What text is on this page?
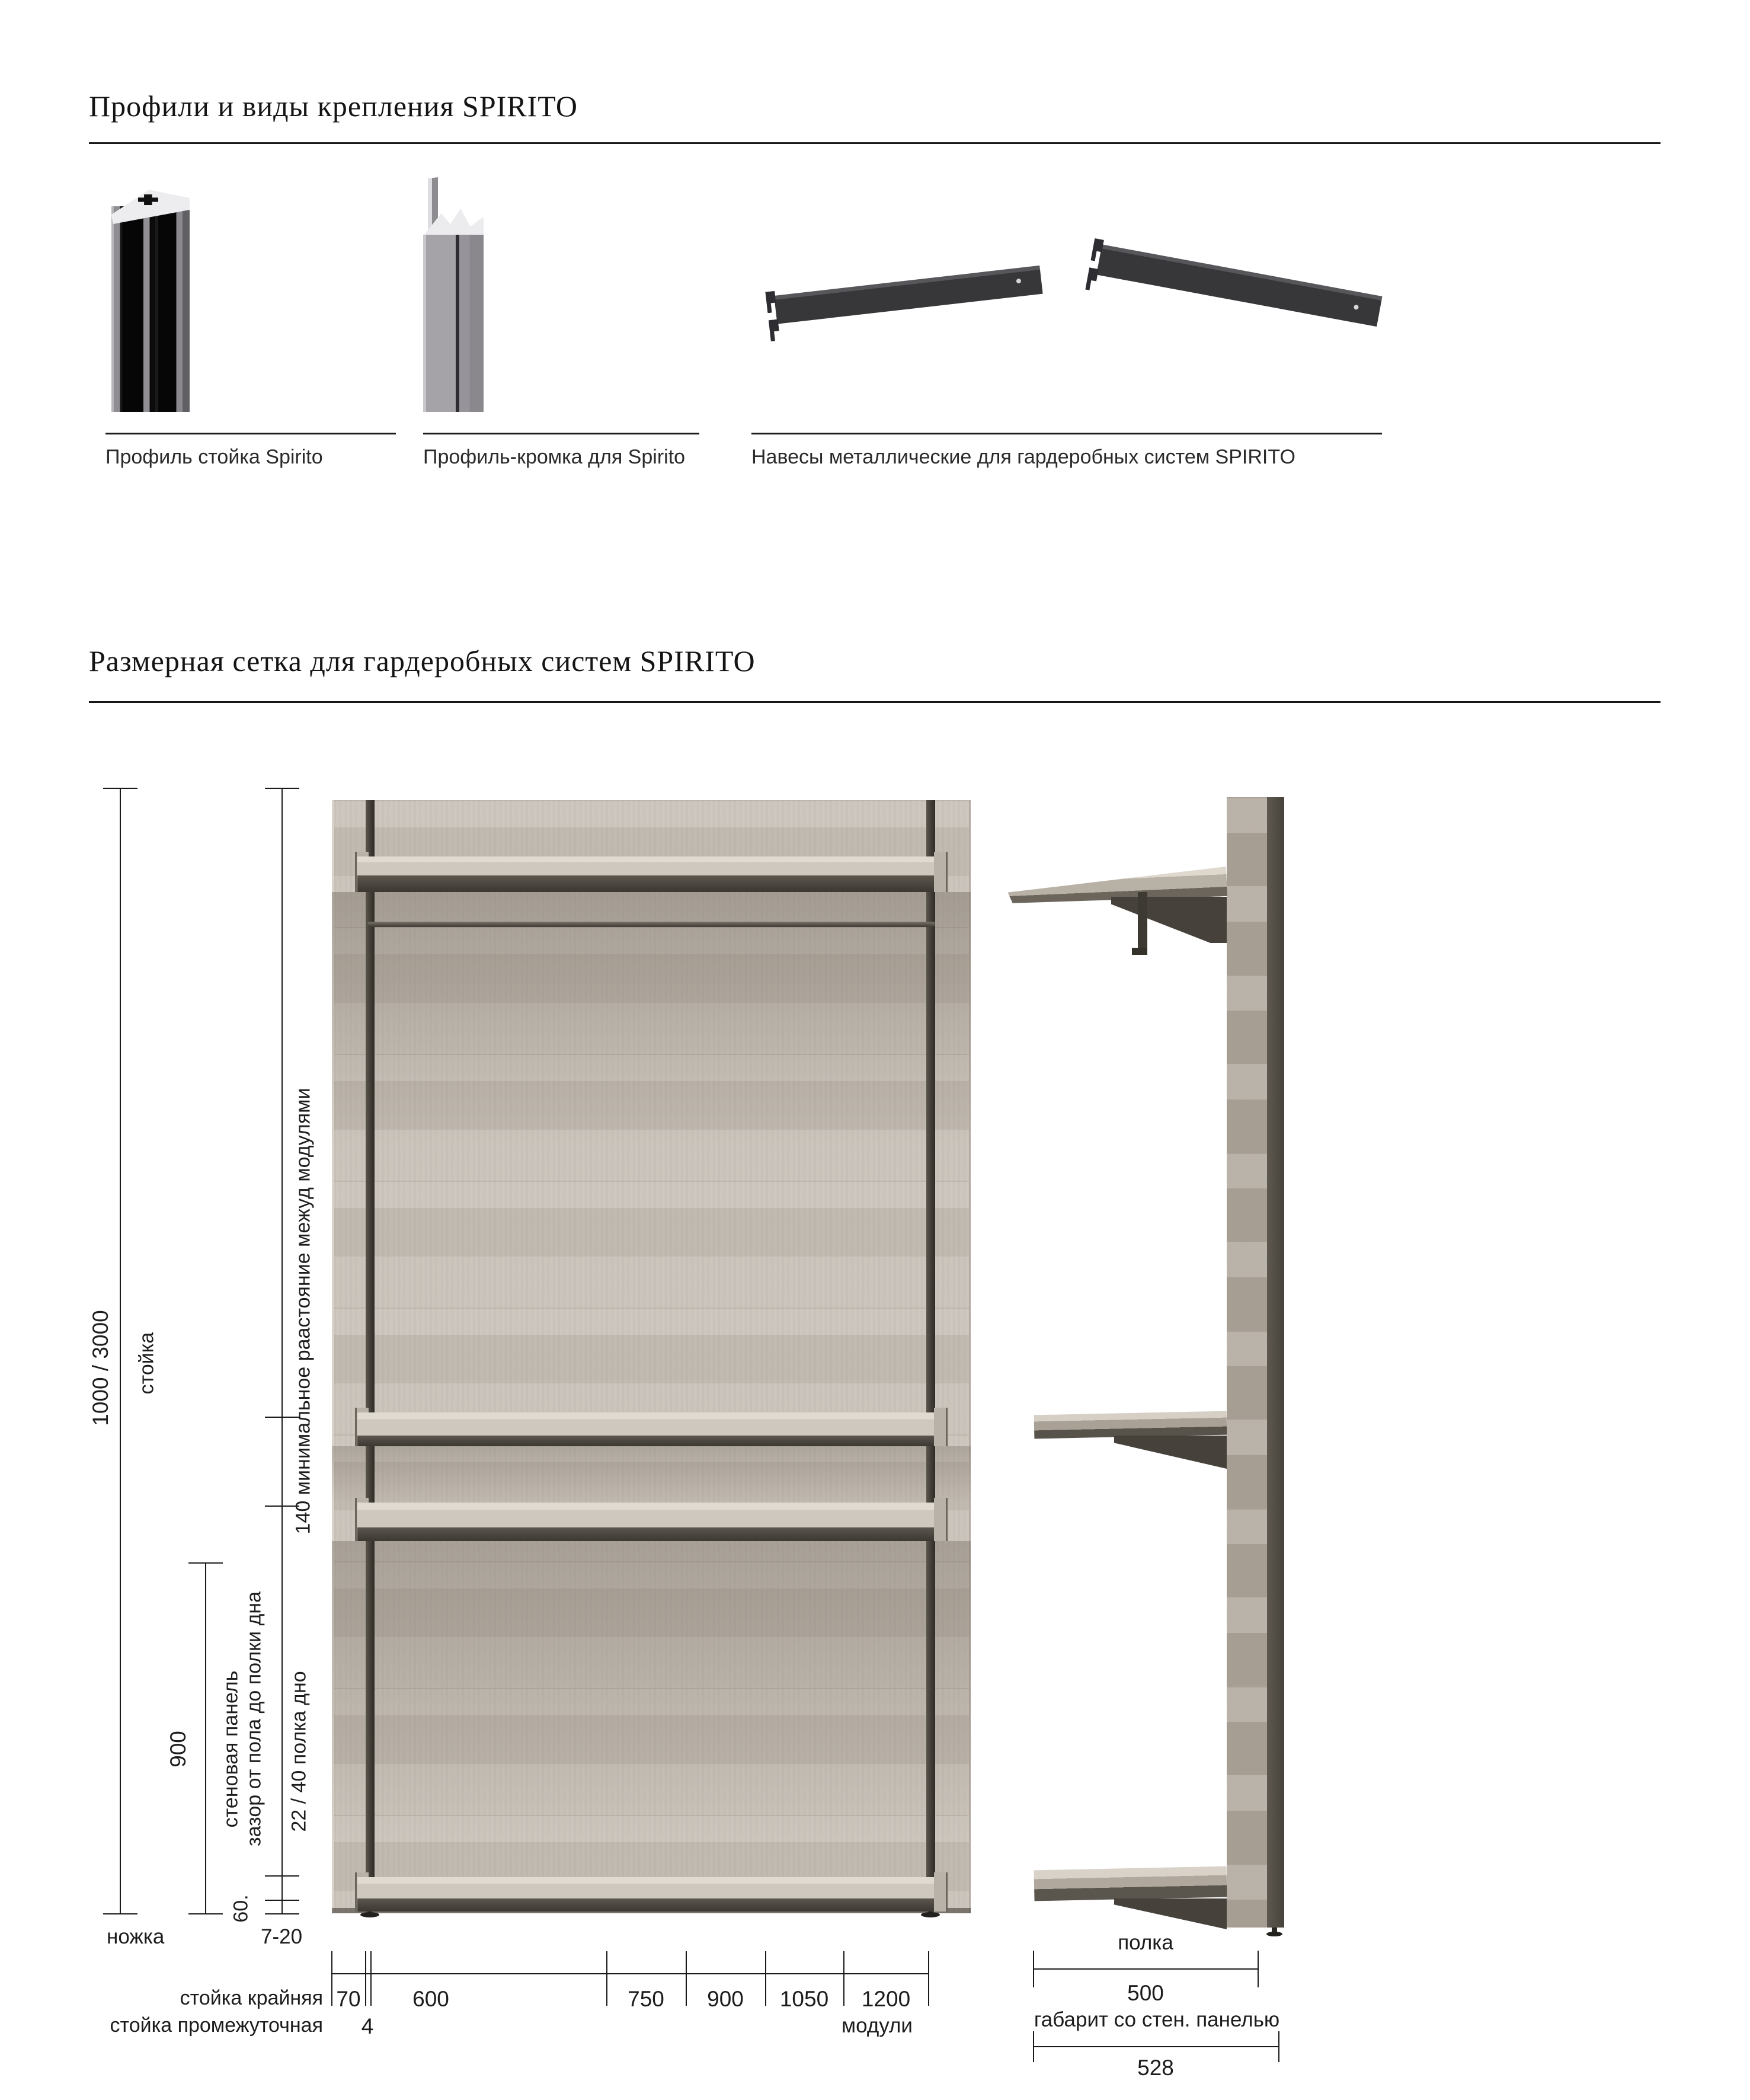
Профили и виды крепления SPIRITO
Профиль стойка Spirito	Профиль-кромка для Spirito	Навесы металлические для гардеробных систем SPIRITO
Размерная сетка для гардеробных систем SPIRITO
1000 / 3000 стойка
900 стеновая панель
140 минимальное раастояние межуд модулями
22 / 40 полка дно
зазор от пола до полки дна
60.
ножка	7-20
стойка крайняя
стойка промежуточная
70
4
600	750 900 1050 1200
модули
полка
500
габарит со стен. панелью
528
